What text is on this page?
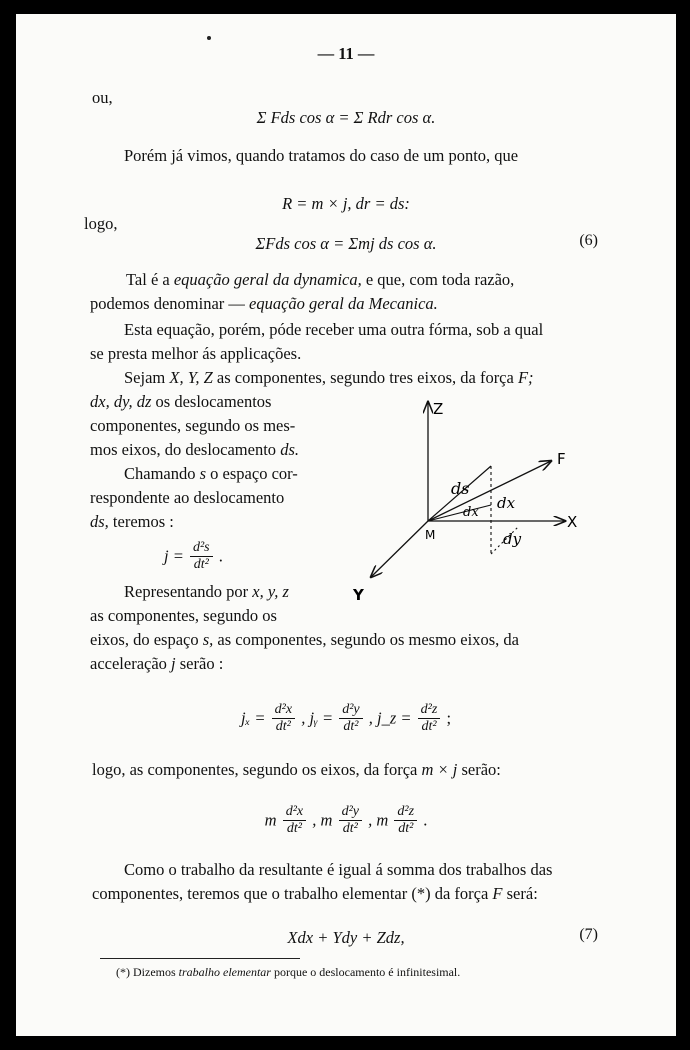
— 11 —
ou,
Σ Fds cos α = Σ Rdr cos α.
Porém já vimos, quando tratamos do caso de um ponto, que
R = m × j, dr = ds:
logo,
ΣFds cos α = Σmj ds cos α.	(6)
Tal é a equação geral da dynamica, e que, com toda razão,
podemos denominar — equação geral da Mecanica.
Esta equação, porém, póde receber uma outra fórma, sob a qual
se presta melhor ás applicações.
Sejam X, Y, Z as componentes, segundo tres eixos, da força F;
dx, dy, dz os deslocamentos
componentes, segundo os mes-
mos eixos, do deslocamento ds.
Chamando s o espaço cor-
respondente ao deslocamento
ds, teremos :
$j = \frac{\text{d²s}}{\text{dt²}}$ .
Representando por x, y, z
as componentes, segundo os
eixos, do espaço s, as componentes, segundo os mesmo eixos, da
acceleração j serão :
$j_x = \frac{\text{d²x}}{\text{dt²}}$ , jᵧ = $\frac{\text{d²y}}{\text{dt²}}$ , j_z = $\frac{\text{d²z}}{\text{dt²}}$ ;
logo, as componentes, segundo os eixos, da força m × j serão:
m $\frac{\text{d²x}}{\text{dt²}}$ , m $\frac{\text{d²y}}{\text{dt²}}$ , m $\frac{\text{d²z}}{\text{dt²}}$ .
Como o trabalho da resultante é igual á somma dos trabalhos das
componentes, teremos que o trabalho elementar (*) da força F será:
Xdx + Ydy + Zdz,	(7)
(*) Dizemos trabalho elementar porque o deslocamento é infinitesimal.
Z
F
X
Y
M
ds
dx
dx
dy
